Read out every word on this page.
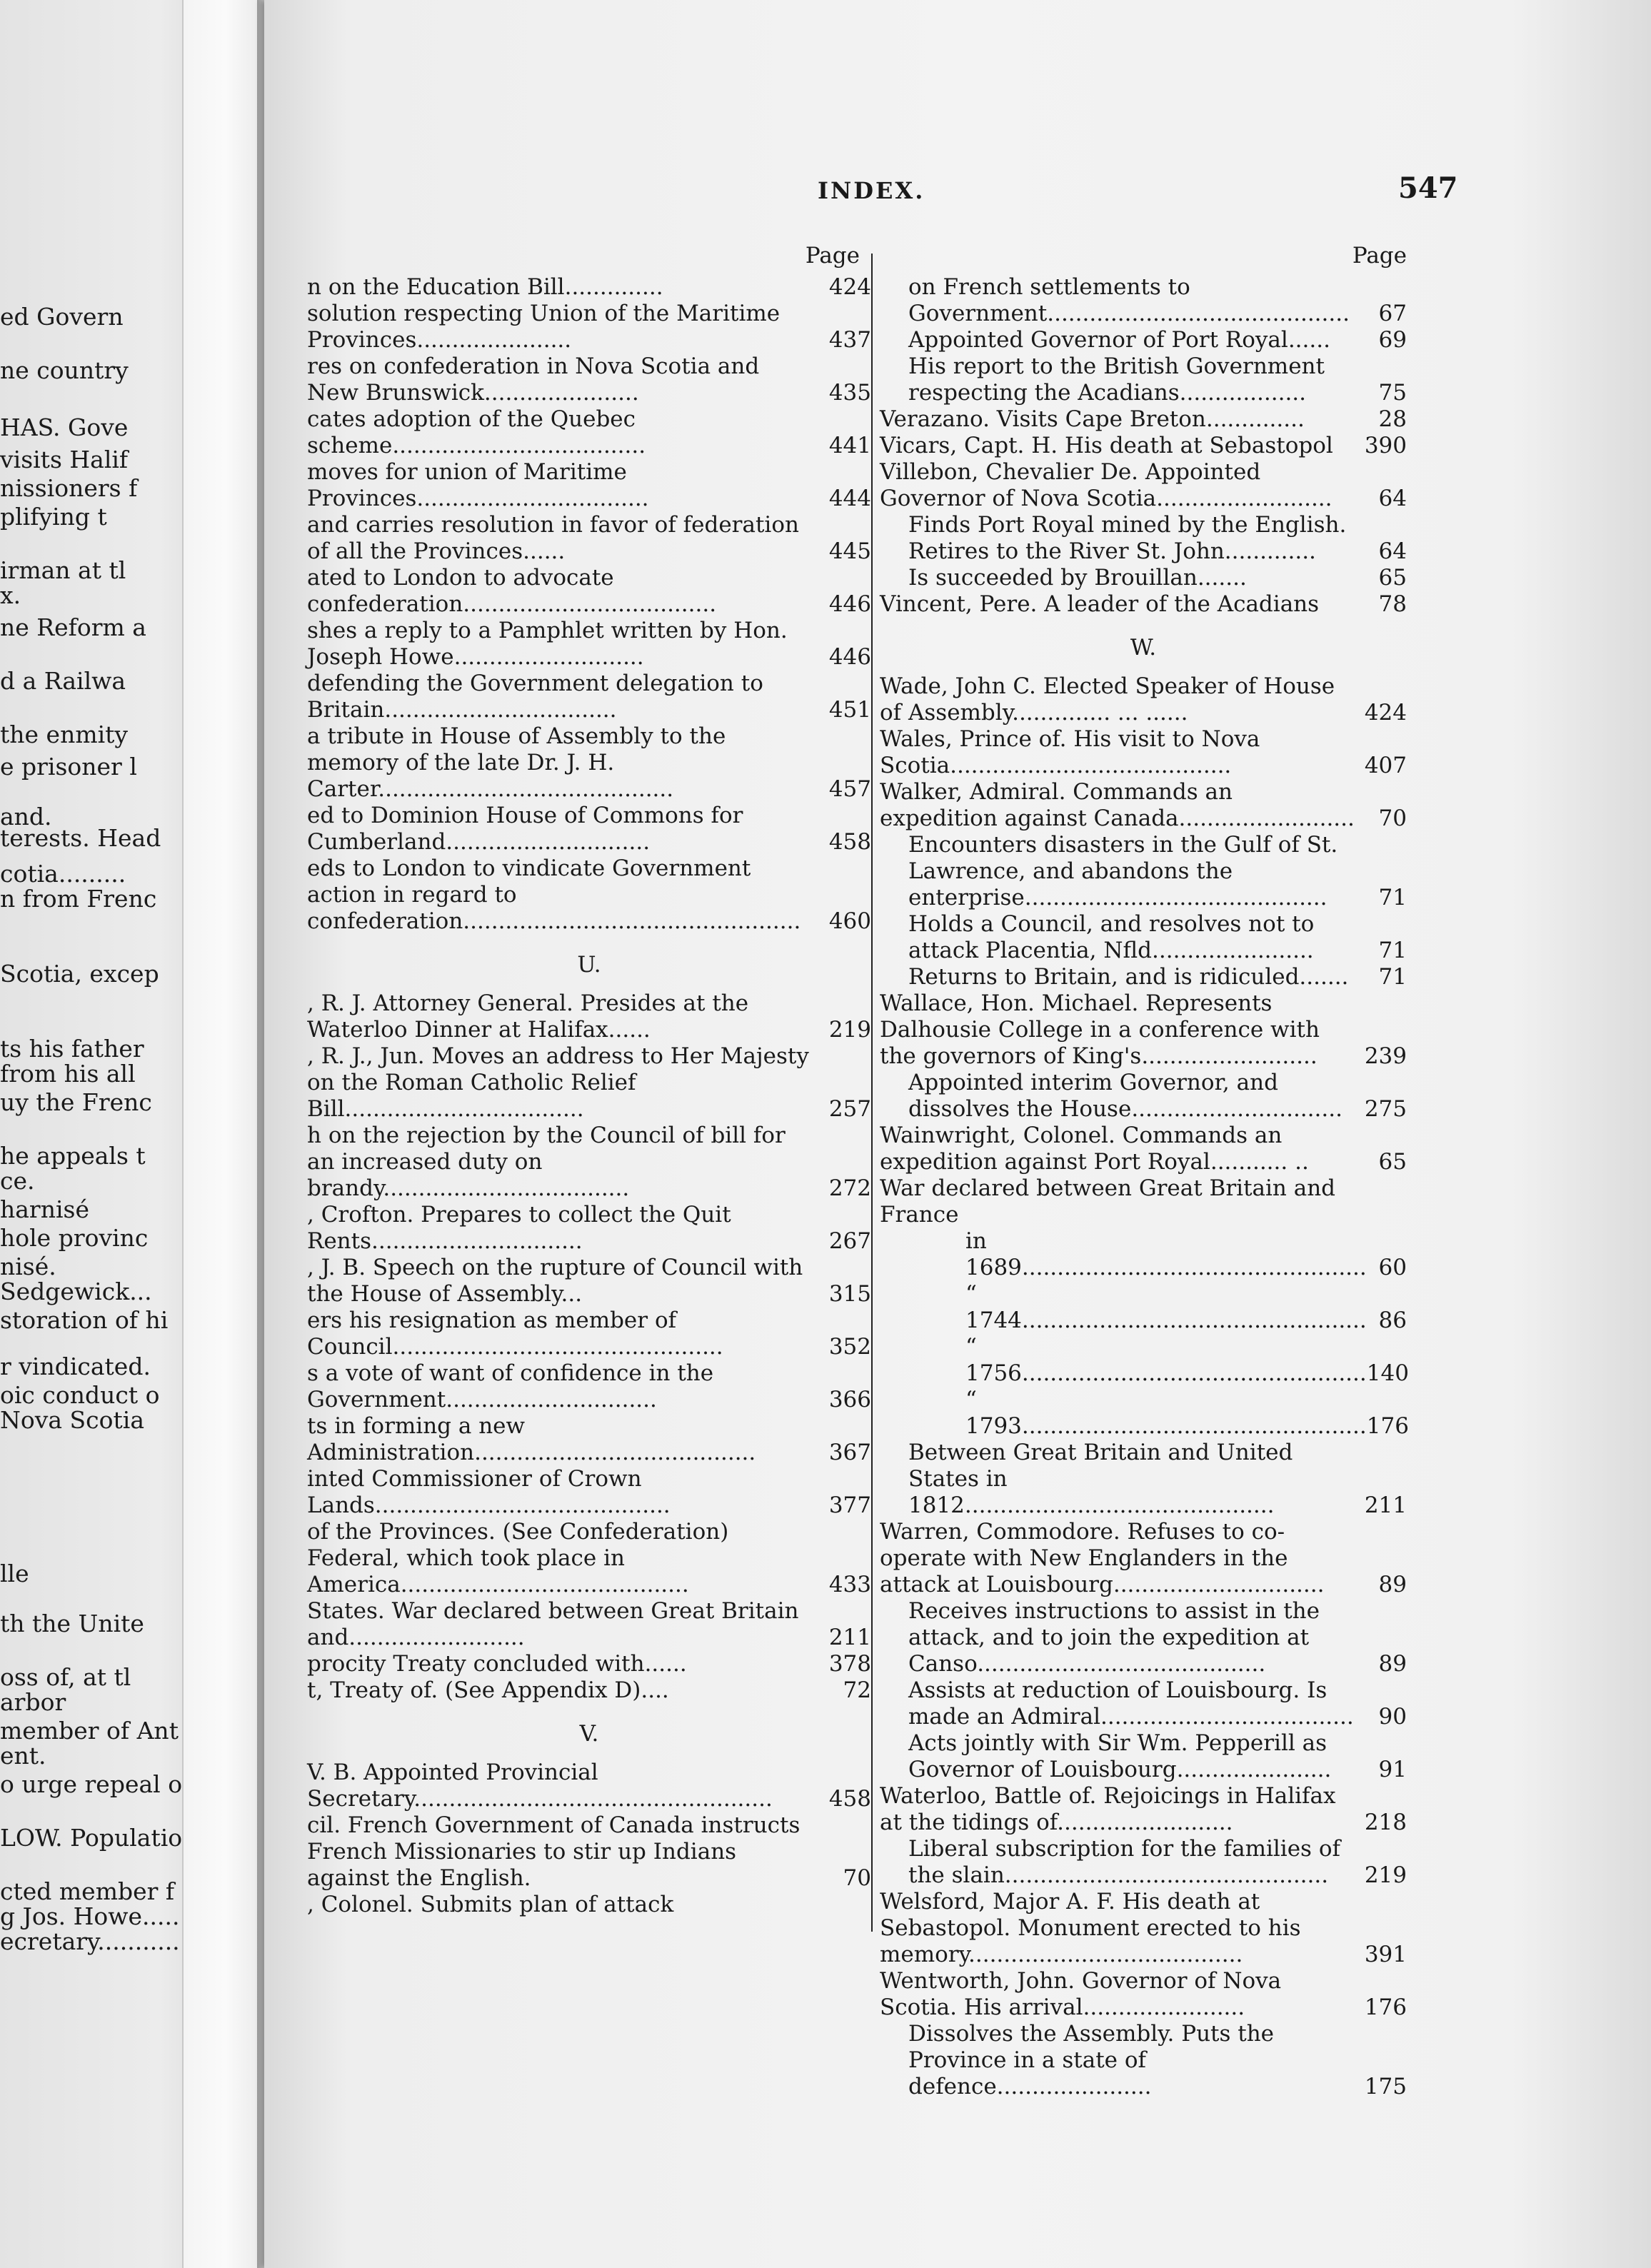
ed Govern
ne country
HAS. Gove
visits Halif
nissioners f
plifying t
irman at tl
x.
ne Reform a
d a Railwa
the enmity
e prisoner l
and.
terests. Head
cotia.........
n from Frenc
Scotia, excep
ts his father
from his all
uy the Frenc
he appeals t
ce.
harnisé
hole provinc
nisé.
Sedgewick...
storation of hi
r vindicated.
oic conduct o
Nova Scotia
lle
th the Unite
oss of, at tl
arbor
member of Ant
ent.
o urge repeal o
LOW. Populatio
cted member f
g Jos. Howe.....
ecretary...........
INDEX.	547
Page
n on the Education Bill..............	424
solution respecting Union of the Maritime Provinces......................	437
res on confederation in Nova Scotia and New Brunswick......................	435
cates adoption of the Quebec scheme....................................	441
moves for union of Maritime Provinces.................................	444
and carries resolution in favor of federation of all the Provinces......	445
ated to London to advocate confederation....................................	446
shes a reply to a Pamphlet written by Hon. Joseph Howe...........................	446
defending the Government delegation to Britain.................................	451
a tribute in House of Assembly to the memory of the late Dr. J. H. Carter..........................................	457
ed to Dominion House of Commons for Cumberland.............................	458
eds to London to vindicate Government action in regard to confederation................................................	460
U.
, R. J. Attorney General. Presides at the Waterloo Dinner at Halifax......	219
, R. J., Jun. Moves an address to Her Majesty on the Roman Catholic Relief Bill..................................	257
h on the rejection by the Council of bill for an increased duty on brandy...................................	272
, Crofton. Prepares to collect the Quit Rents..............................	267
, J. B. Speech on the rupture of Council with the House of Assembly...	315
ers his resignation as member of Council...............................................	352
s a vote of want of confidence in the Government..............................	366
ts in forming a new Administration........................................	367
inted Commissioner of Crown Lands..........................................	377
of the Provinces. (See Confederation)
Federal, which took place in America.........................................	433
States. War declared between Great Britain and.........................	211
procity Treaty concluded with......	378
t, Treaty of. (See Appendix D)....	72
V.
V. B. Appointed Provincial Secretary...................................................	458
cil. French Government of Canada instructs French Missionaries to stir up Indians against the English.	70
, Colonel. Submits plan of attack
Page
on French settlements to Government...........................................	67
Appointed Governor of Port Royal......	69
His report to the British Government respecting the Acadians..................	75
Verazano. Visits Cape Breton..............	28
Vicars, Capt. H. His death at Sebastopol	390
Villebon, Chevalier De. Appointed Governor of Nova Scotia.........................	64
Finds Port Royal mined by the English. Retires to the River St. John.............	64
Is succeeded by Brouillan.......	65
Vincent, Pere. A leader of the Acadians	78
W.
Wade, John C. Elected Speaker of House of Assembly.............. ... ......	424
Wales, Prince of. His visit to Nova Scotia........................................	407
Walker, Admiral. Commands an expedition against Canada.........................	70
Encounters disasters in the Gulf of St. Lawrence, and abandons the enterprise...........................................	71
Holds a Council, and resolves not to attack Placentia, Nfld.......................	71
Returns to Britain, and is ridiculed.......	71
Wallace, Hon. Michael. Represents Dalhousie College in a conference with the governors of King's.........................	239
Appointed interim Governor, and dissolves the House.............................. 275
Wainwright, Colonel. Commands an expedition against Port Royal........... ..	65
War declared between Great Britain and France
in 1689................................................. 60
“ 1744................................................. 86
“ 1756................................................. 140
“ 1793................................................. 176
Between Great Britain and United States in 1812............................................	211
Warren, Commodore. Refuses to co-operate with New Englanders in the attack at Louisbourg..............................	89
Receives instructions to assist in the attack, and to join the expedition at Canso.........................................	89
Assists at reduction of Louisbourg. Is made an Admiral....................................	90
Acts jointly with Sir Wm. Pepperill as Governor of Louisbourg......................	91
Waterloo, Battle of. Rejoicings in Halifax at the tidings of.........................	218
Liberal subscription for the families of the slain..............................................	219
Welsford, Major A. F. His death at Sebastopol. Monument erected to his memory.......................................	391
Wentworth, John. Governor of Nova Scotia. His arrival.......................	176
Dissolves the Assembly. Puts the Province in a state of defence......................	175
